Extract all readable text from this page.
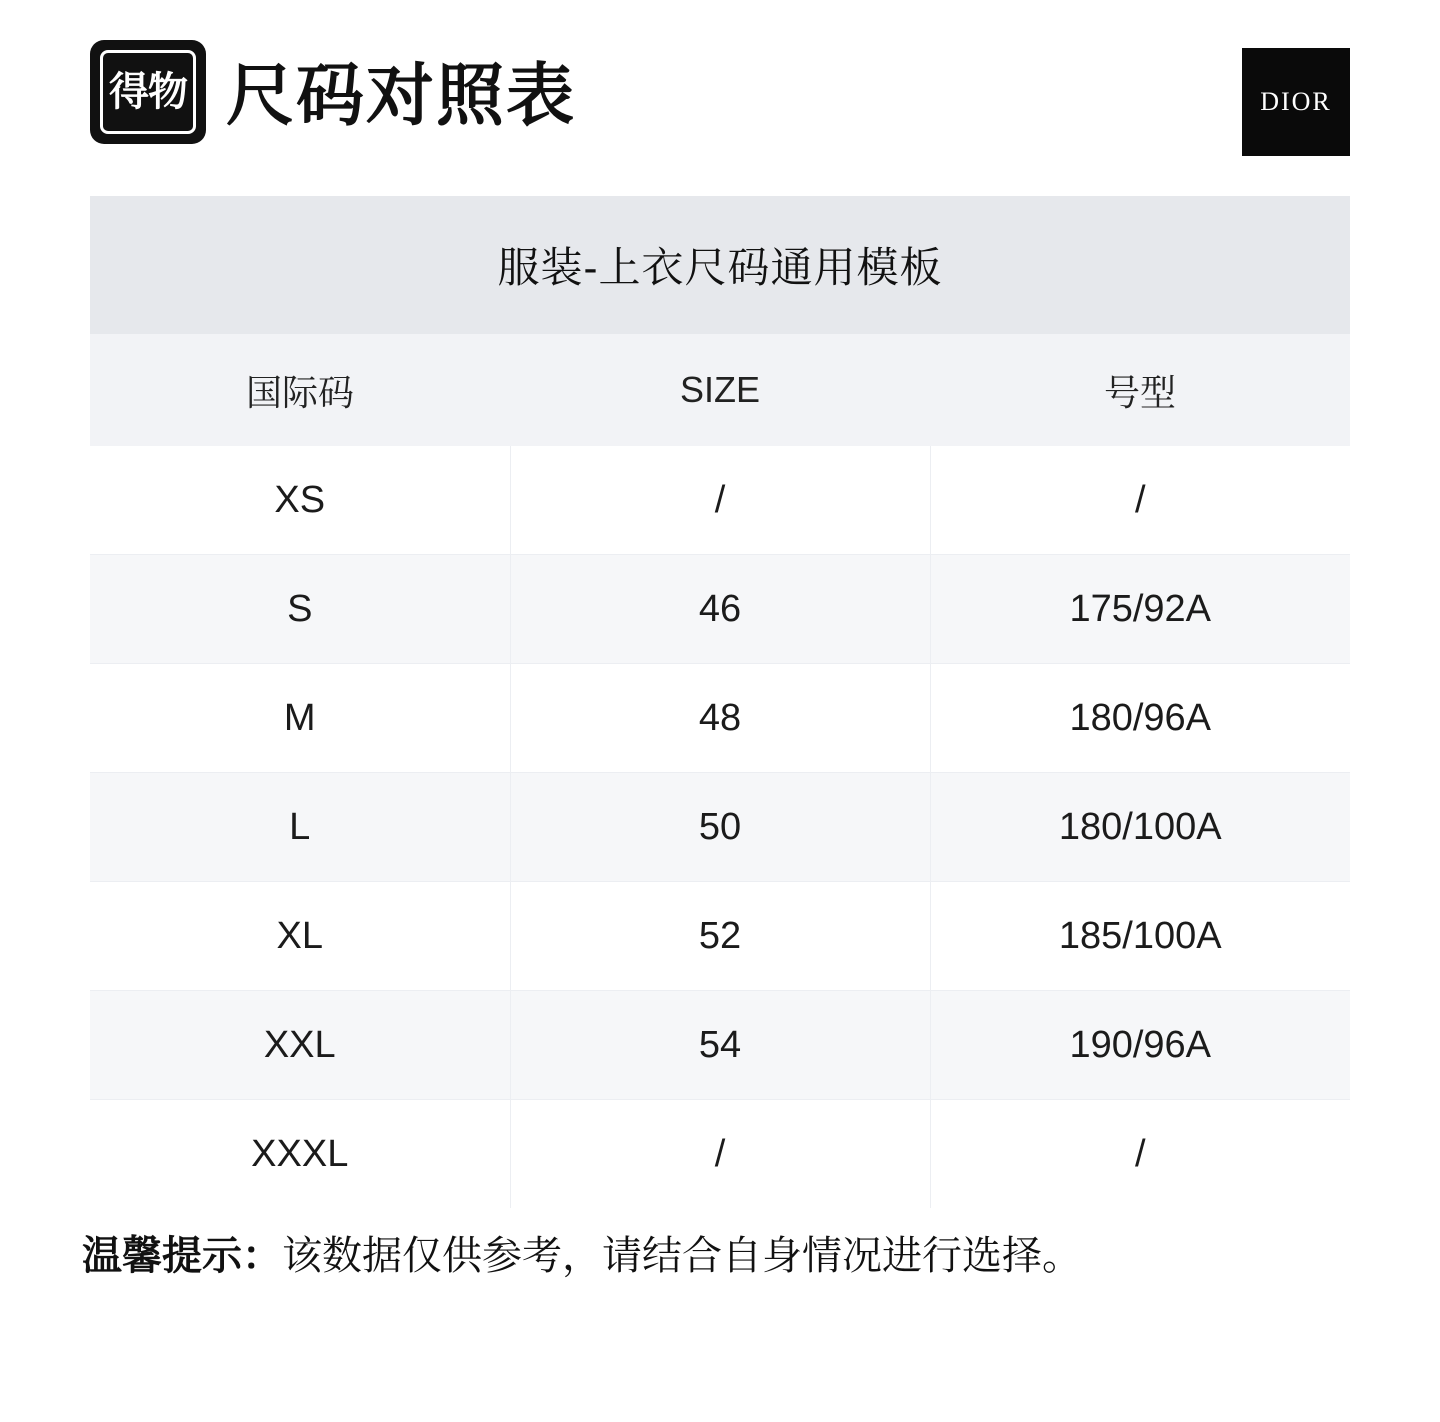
得物 尺码对照表	DIOR
服装-上衣尺码通用模板
国际码	SIZE	号型
XS	/	/
S	46	175/92A
M	48	180/96A
L	50	180/100A
XL	52	185/100A
XXL	54	190/96A
XXXL	/	/
温馨提示：该数据仅供参考，请结合自身情况进行选择。
